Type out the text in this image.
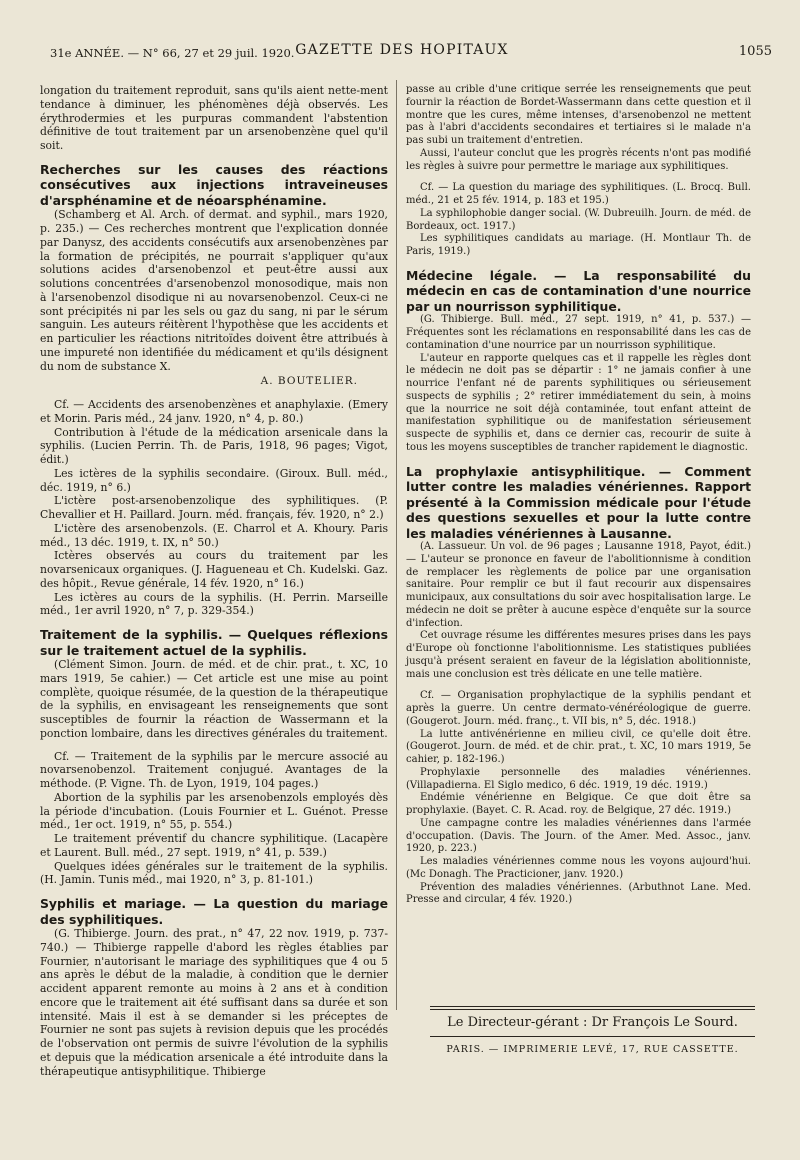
31e ANNÉE. — N° 66, 27 et 29 juil. 1920. GAZETTE DES HOPITAUX	1055

longation du traitement reproduit, sans qu'ils aient nette-ment tendance à diminuer, les phénomènes déjà observés. Les érythrodermies et les purpuras commandent l'abstention définitive de tout traitement par un arsenobenzène quel qu'il soit.

Recherches sur les causes des réactions consécutives aux injections intraveineuses d'arsphénamine et de néoarsphénamine.

(Schamberg et Al. Arch. of dermat. and syphil., mars 1920, p. 235.) — Ces recherches montrent que l'explication donnée par Danysz, des accidents consécutifs aux arsenobenzènes par la formation de précipités, ne pourrait s'appliquer qu'aux solutions acides d'arsenobenzol et peut-être aussi aux solutions concentrées d'arsenobenzol monosodique, mais non à l'arsenobenzol disodique ni au novarsenobenzol. Ceux-ci ne sont précipités ni par les sels ou gaz du sang, ni par le sérum sanguin. Les auteurs réitèrent l'hypothèse que les accidents et en particulier les réactions nitritoïdes doivent être attribués à une impureté non identifiée du médicament et qu'ils désignent du nom de substance X.

A. BOUTELIER.

Cf. — Accidents des arsenobenzènes et anaphylaxie. (Emery et Morin. Paris méd., 24 janv. 1920, n° 4, p. 80.)

Contribution à l'étude de la médication arsenicale dans la syphilis. (Lucien Perrin. Th. de Paris, 1918, 96 pages; Vigot, édit.)

Les ictères de la syphilis secondaire. (Giroux. Bull. méd., déc. 1919, n° 6.)

L'ictère post-arsenobenzolique des syphilitiques. (P. Chevallier et H. Paillard. Journ. méd. français, fév. 1920, n° 2.)

L'ictère des arsenobenzols. (E. Charrol et A. Khoury. Paris méd., 13 déc. 1919, t. IX, n° 50.)

Ictères observés au cours du traitement par les novarsenicaux organiques. (J. Hagueneau et Ch. Kudelski. Gaz. des hôpit., Revue générale, 14 fév. 1920, n° 16.)

Les ictères au cours de la syphilis. (H. Perrin. Marseille méd., 1er avril 1920, n° 7, p. 329-354.)

Traitement de la syphilis. — Quelques réflexions sur le traitement actuel de la syphilis.

(Clément Simon. Journ. de méd. et de chir. prat., t. XC, 10 mars 1919, 5e cahier.) — Cet article est une mise au point complète, quoique résumée, de la question de la thérapeutique de la syphilis, en envisageant les renseignements que sont susceptibles de fournir la réaction de Wassermann et la ponction lombaire, dans les directives générales du traitement.

Cf. — Traitement de la syphilis par le mercure associé au novarsenobenzol. Traitement conjugué. Avantages de la méthode. (P. Vigne. Th. de Lyon, 1919, 104 pages.)

Abortion de la syphilis par les arsenobenzols employés dès la période d'incubation. (Louis Fournier et L. Guénot. Presse méd., 1er oct. 1919, n° 55, p. 554.)

Le traitement préventif du chancre syphilitique. (Lacapère et Laurent. Bull. méd., 27 sept. 1919, n° 41, p. 539.)

Quelques idées générales sur le traitement de la syphilis. (H. Jamin. Tunis méd., mai 1920, n° 3, p. 81-101.)

Syphilis et mariage. — La question du mariage des syphilitiques.

(G. Thibierge. Journ. des prat., n° 47, 22 nov. 1919, p. 737-740.) — Thibierge rappelle d'abord les règles établies par Fournier, n'autorisant le mariage des syphilitiques que 4 ou 5 ans après le début de la maladie, à condition que le dernier accident apparent remonte au moins à 2 ans et à condition encore que le traitement ait été suffisant dans sa durée et son intensité. Mais il est à se demander si les préceptes de Fournier ne sont pas sujets à revision depuis que les procédés de l'observation ont permis de suivre l'évolution de la syphilis et depuis que la médication arsenicale a été introduite dans la thérapeutique antisyphilitique. Thibierge

passe au crible d'une critique serrée les renseignements que peut fournir la réaction de Bordet-Wassermann dans cette question et il montre que les cures, même intenses, d'arsenobenzol ne mettent pas à l'abri d'accidents secondaires et tertiaires si le malade n'a pas subi un traitement d'entretien.

Aussi, l'auteur conclut que les progrès récents n'ont pas modifié les règles à suivre pour permettre le mariage aux syphilitiques.

Cf. — La question du mariage des syphilitiques. (L. Brocq. Bull. méd., 21 et 25 fév. 1914, p. 183 et 195.)

La syphilophobie danger social. (W. Dubreuilh. Journ. de méd. de Bordeaux, oct. 1917.)

Les syphilitiques candidats au mariage. (H. Montlaur Th. de Paris, 1919.)

Médecine légale. — La responsabilité du médecin en cas de contamination d'une nourrice par un nourrisson syphilitique.

(G. Thibierge. Bull. méd., 27 sept. 1919, n° 41, p. 537.) — Fréquentes sont les réclamations en responsabilité dans les cas de contamination d'une nourrice par un nourrisson syphilitique.

L'auteur en rapporte quelques cas et il rappelle les règles dont le médecin ne doit pas se départir : 1° ne jamais confier à une nourrice l'enfant né de parents syphilitiques ou sérieusement suspects de syphilis ; 2° retirer immédiatement du sein, à moins que la nourrice ne soit déjà contaminée, tout enfant atteint de manifestation syphilitique ou de manifestation sérieusement suspecte de syphilis et, dans ce dernier cas, recourir de suite à tous les moyens susceptibles de trancher rapidement le diagnostic.

La prophylaxie antisyphilitique. — Comment lutter contre les maladies vénériennes. Rapport présenté à la Commission médicale pour l'étude des questions sexuelles et pour la lutte contre les maladies vénériennes à Lausanne.

(A. Lassueur. Un vol. de 96 pages ; Lausanne 1918, Payot, édit.) — L'auteur se prononce en faveur de l'abolitionnisme à condition de remplacer les règlements de police par une organisation sanitaire. Pour remplir ce but il faut recourir aux dispensaires municipaux, aux consultations du soir avec hospitalisation large. Le médecin ne doit se prêter à aucune espèce d'enquête sur la source d'infection.

Cet ouvrage résume les différentes mesures prises dans les pays d'Europe où fonctionne l'abolitionnisme. Les statistiques publiées jusqu'à présent seraient en faveur de la législation abolitionniste, mais une conclusion est très délicate en une telle matière.

Cf. — Organisation prophylactique de la syphilis pendant et après la guerre. Un centre dermato-vénéréologique de guerre. (Gougerot. Journ. méd. franç., t. VII bis, n° 5, déc. 1918.)

La lutte antivénérienne en milieu civil, ce qu'elle doit être. (Gougerot. Journ. de méd. et de chir. prat., t. XC, 10 mars 1919, 5e cahier, p. 182-196.)

Prophylaxie personnelle des maladies vénériennes. (Villapadierna. El Siglo medico, 6 déc. 1919, 19 déc. 1919.)

Endémie vénérienne en Belgique. Ce que doit être sa prophylaxie. (Bayet. C. R. Acad. roy. de Belgique, 27 déc. 1919.)

Une campagne contre les maladies vénériennes dans l'armée d'occupation. (Davis. The Journ. of the Amer. Med. Assoc., janv. 1920, p. 223.)

Les maladies vénériennes comme nous les voyons aujourd'hui. (Mc Donagh. The Practicioner, janv. 1920.)

Prévention des maladies vénériennes. (Arbuthnot Lane. Med. Presse and circular, 4 fév. 1920.)

Le Directeur-gérant : Dr François Le Sourd.
PARIS. — IMPRIMERIE LEVÉ, 17, RUE CASSETTE.
